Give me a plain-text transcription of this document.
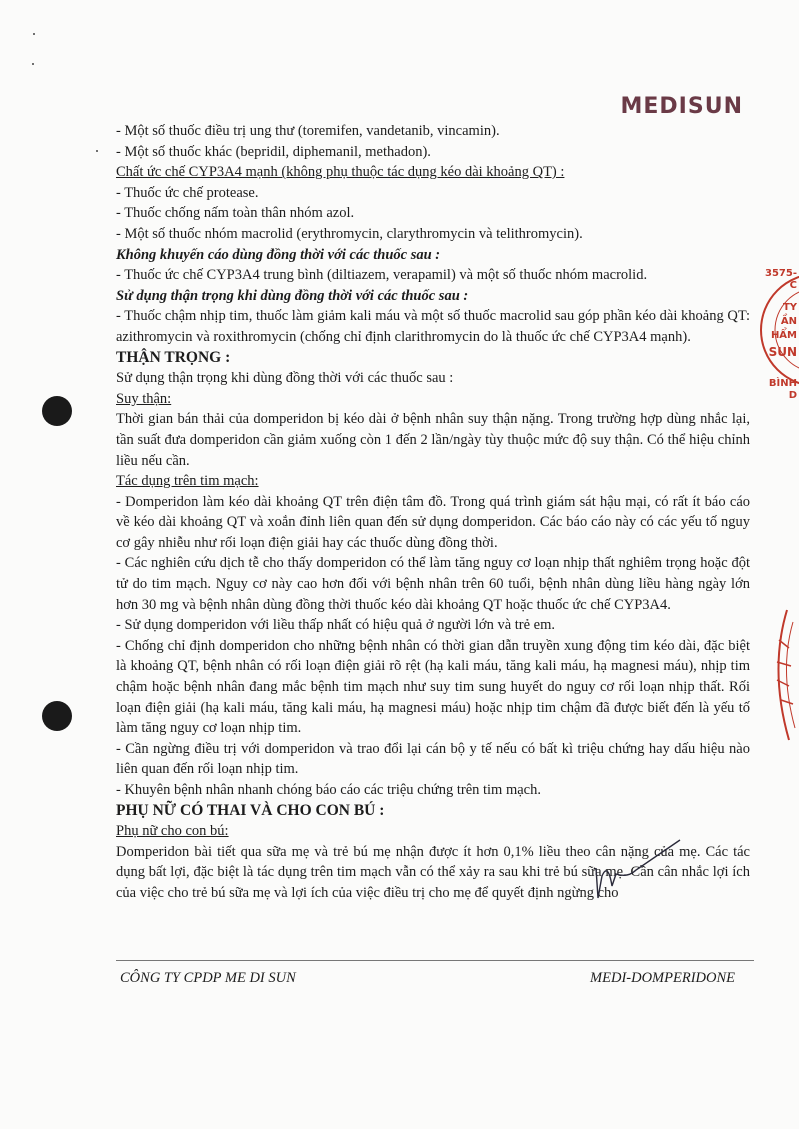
MEDISUN

- Một số thuốc điều trị ung thư (toremifen, vandetanib, vincamin).

- Một số thuốc khác (bepridil, diphemanil, methadon).

Chất ức chế CYP3A4 mạnh (không phụ thuộc tác dụng kéo dài khoảng QT) :

- Thuốc ức chế protease.

- Thuốc chống nấm toàn thân nhóm azol.

- Một số thuốc nhóm macrolid (erythromycin, clarythromycin và telithromycin).

Không khuyến cáo dùng đồng thời với các thuốc sau :

- Thuốc ức chế CYP3A4 trung bình (diltiazem, verapamil) và một số thuốc nhóm macrolid.

Sử dụng thận trọng khi dùng đồng thời với các thuốc sau :

- Thuốc chậm nhịp tim, thuốc làm giảm kali máu và một số thuốc macrolid sau góp phần kéo dài khoảng QT: azithromycin và roxithromycin (chống chỉ định clarithromycin do là thuốc ức chế CYP3A4 mạnh).

THẬN TRỌNG :

Sử dụng thận trọng khi dùng đồng thời với các thuốc sau :

Suy thận:

Thời gian bán thải của domperidon bị kéo dài ở bệnh nhân suy thận nặng. Trong trường hợp dùng nhắc lại, tần suất đưa domperidon cần giảm xuống còn 1 đến 2 lần/ngày tùy thuộc mức độ suy thận. Có thể hiệu chỉnh liều nếu cần.

Tác dụng trên tim mạch:

- Domperidon làm kéo dài khoảng QT trên điện tâm đồ. Trong quá trình giám sát hậu mại, có rất ít báo cáo về kéo dài khoảng QT và xoắn đỉnh liên quan đến sử dụng domperidon. Các báo cáo này có các yếu tố nguy cơ gây nhiễu như rối loạn điện giải hay các thuốc dùng đồng thời.

- Các nghiên cứu dịch tễ cho thấy domperidon có thể làm tăng nguy cơ loạn nhịp thất nghiêm trọng hoặc đột tử do tim mạch. Nguy cơ này cao hơn đối với bệnh nhân trên 60 tuổi, bệnh nhân dùng liều hàng ngày lớn hơn 30 mg và bệnh nhân dùng đồng thời thuốc kéo dài khoảng QT hoặc thuốc ức chế CYP3A4.

- Sử dụng domperidon với liều thấp nhất có hiệu quả ở người lớn và trẻ em.

- Chống chỉ định domperidon cho những bệnh nhân có thời gian dẫn truyền xung động tim kéo dài, đặc biệt là khoảng QT, bệnh nhân có rối loạn điện giải rõ rệt (hạ kali máu, tăng kali máu, hạ magnesi máu), nhịp tim chậm hoặc bệnh nhân đang mắc bệnh tim mạch như suy tim sung huyết do nguy cơ rối loạn nhịp thất. Rối loạn điện giải (hạ kali máu, tăng kali máu, hạ magnesi máu) hoặc nhịp tim chậm đã được biết đến là yếu tố làm tăng nguy cơ loạn nhịp tim.

- Cần ngừng điều trị với domperidon và trao đổi lại cán bộ y tế nếu có bất kì triệu chứng hay dấu hiệu nào liên quan đến rối loạn nhịp tim.

- Khuyên bệnh nhân nhanh chóng báo cáo các triệu chứng trên tim mạch.

PHỤ NỮ CÓ THAI VÀ CHO CON BÚ :

Phụ nữ cho con bú:

Domperidon bài tiết qua sữa mẹ và trẻ bú mẹ nhận được ít hơn 0,1% liều theo cân nặng của mẹ. Các tác dụng bất lợi, đặc biệt là tác dụng trên tim mạch vẫn có thể xảy ra sau khi trẻ bú sữa mẹ. Cần cân nhắc lợi ích của việc cho trẻ bú sữa mẹ và lợi ích của việc điều trị cho mẹ để quyết định ngừng cho

CÔNG TY CPDP ME DI SUN	MEDI-DOMPERIDONE
3575-C
TY
ẦN
HẨM
SUN
BÌNH D
